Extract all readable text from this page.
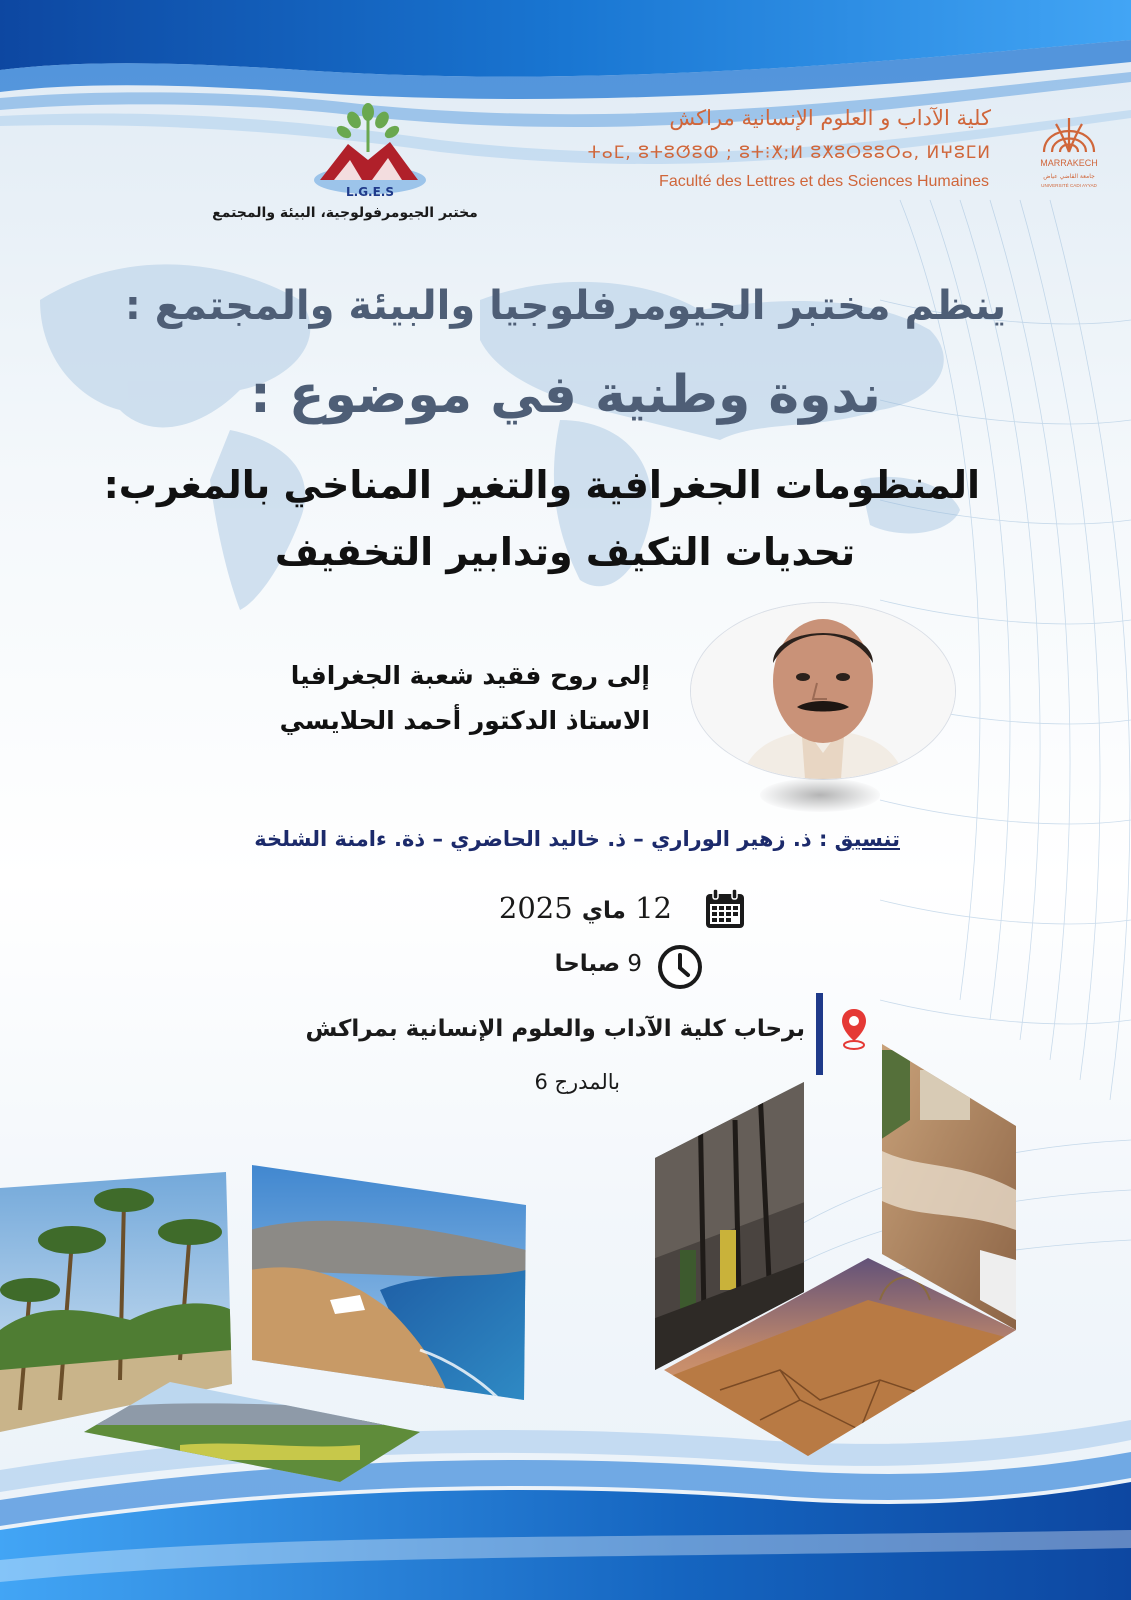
كلية الآداب و العلوم الإنسانية مراكش
ⵜⴰⵎ, ⵓⵜⵓⵚⵓⵀ ; ⵓⵜ⁝ⵅ;ⵍ ⵓⵅⵓⵔⵓⵓⵔⴰ, ⵍⵖⵓⵎⵍ
Faculté des Lettres et des Sciences Humaines
MARRAKECH
جامعة القاضي عياض
UNIVERSITÉ CADI AYYAD
L.G.E.S
مختبر الجيومرفولوجية، البيئة والمجتمع
ينظم مختبر الجيومرفلوجيا والبيئة والمجتمع :
ندوة وطنية في موضوع :
المنظومات الجغرافية والتغير المناخي بالمغرب:
تحديات التكيف وتدابير التخفيف
إلى روح فقيد شعبة الجغرافيا
الاستاذ الدكتور أحمد الحلايسي
تنسيق : ذ. زهير الوراري – ذ. خاليد الحاضري – ذة. ءامنة الشلخة
12 ماي 2025
9 صباحا
برحاب كلية الآداب والعلوم الإنسانية بمراكش
بالمدرج 6
